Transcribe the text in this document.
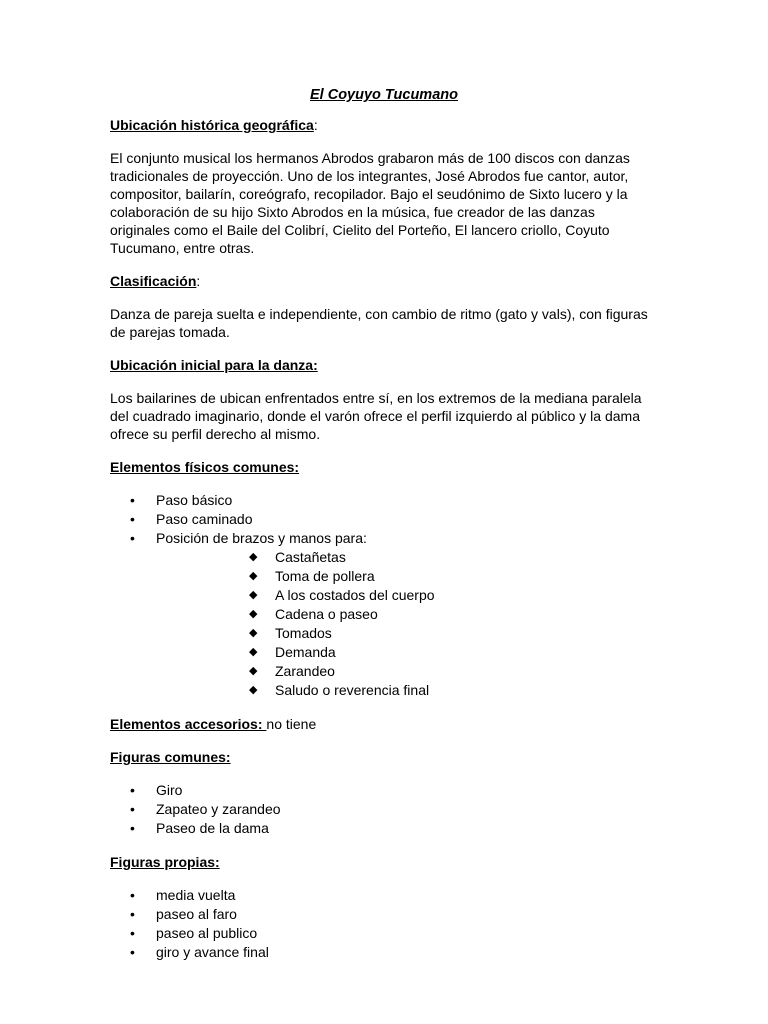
El Coyuyo Tucumano
Ubicación histórica geográfica:

El conjunto musical los hermanos Abrodos grabaron más de 100 discos con danzas
tradicionales de proyección. Uno de los integrantes, José Abrodos fue cantor, autor,
compositor, bailarín, coreógrafo, recopilador. Bajo el seudónimo de Sixto lucero y la
colaboración de su hijo Sixto Abrodos en la música, fue creador de las danzas
originales como el Baile del Colibrí, Cielito del Porteño, El lancero criollo, Coyuto
Tucumano, entre otras.

Clasificación:

Danza de pareja suelta e independiente, con cambio de ritmo (gato y vals), con figuras
de parejas tomada.

Ubicación inicial para la danza:

Los bailarines de ubican enfrentados entre sí, en los extremos de la mediana paralela
del cuadrado imaginario, donde el varón ofrece el perfil izquierdo al público y la dama
ofrece su perfil derecho al mismo.

Elementos físicos comunes:
• Paso básico
• Paso caminado
• Posición de brazos y manos para:
◆ Castañetas
◆ Toma de pollera
◆ A los costados del cuerpo
◆ Cadena o paseo
◆ Tomados
◆ Demanda
◆ Zarandeo
◆ Saludo o reverencia final
Elementos accesorios: no tiene
Figuras comunes:
• Giro
• Zapateo y zarandeo
• Paseo de la dama
Figuras propias:
• media vuelta
• paseo al faro
• paseo al publico
• giro y avance final
